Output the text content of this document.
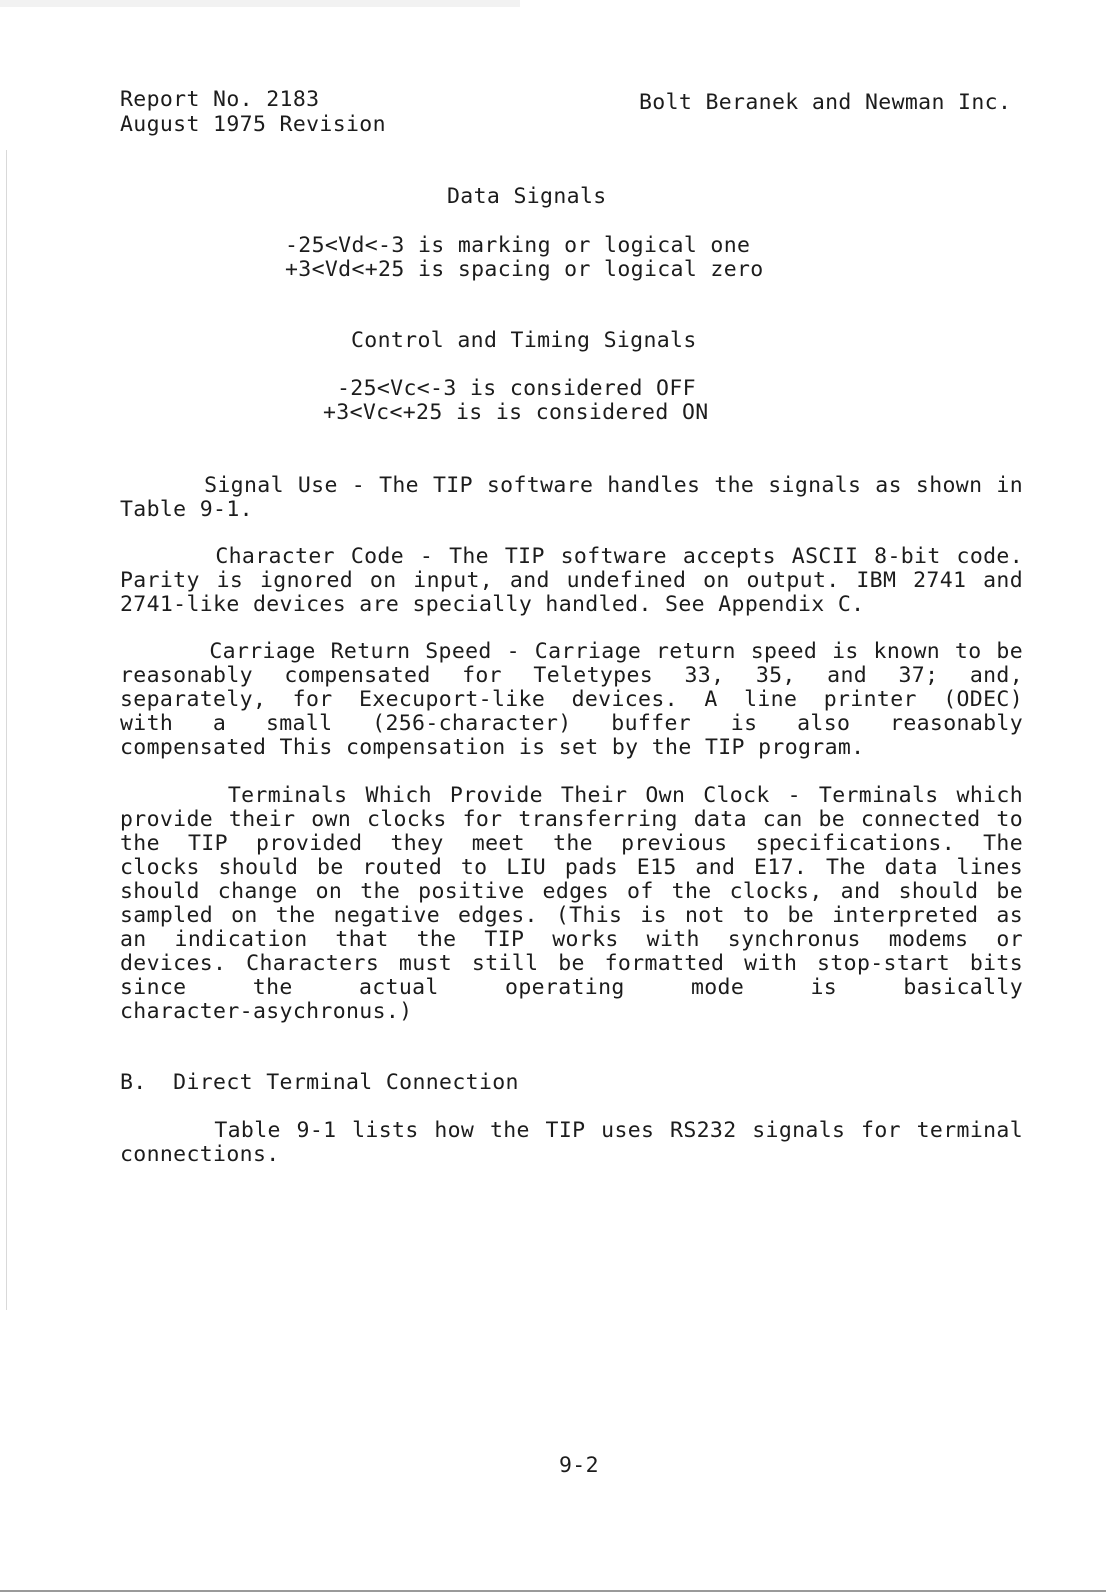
Report No. 2183
August 1975 Revision
Bolt Beranek and Newman Inc.
Data Signals
-25<Vd<-3 is marking or logical one
+3<Vd<+25 is spacing or logical zero
Control and Timing Signals
-25<Vc<-3 is considered OFF
+3<Vc<+25 is is considered ON
Signal Use - The TIP software handles the signals as shown in
Table 9-1.
Character Code - The TIP software accepts ASCII 8-bit code.
Parity is ignored on input, and undefined on output. IBM 2741 and
2741-like devices are specially handled. See Appendix C.
Carriage Return Speed - Carriage return speed is known to be
reasonably compensated for Teletypes 33, 35, and 37; and,
separately, for Execuport-like devices. A line printer (ODEC)
with a small (256-character) buffer is also reasonably
compensated This compensation is set by the TIP program.
Terminals Which Provide Their Own Clock - Terminals which
provide their own clocks for transferring data can be connected to
the TIP provided they meet the previous specifications. The
clocks should be routed to LIU pads E15 and E17. The data lines
should change on the positive edges of the clocks, and should be
sampled on the negative edges. (This is not to be interpreted as
an indication that the TIP works with synchronus modems or
devices. Characters must still be formatted with stop-start bits
since the actual operating mode is basically
character-asychronus.)
B.  Direct Terminal Connection
Table 9-1 lists how the TIP uses RS232 signals for terminal
connections.
9-2
